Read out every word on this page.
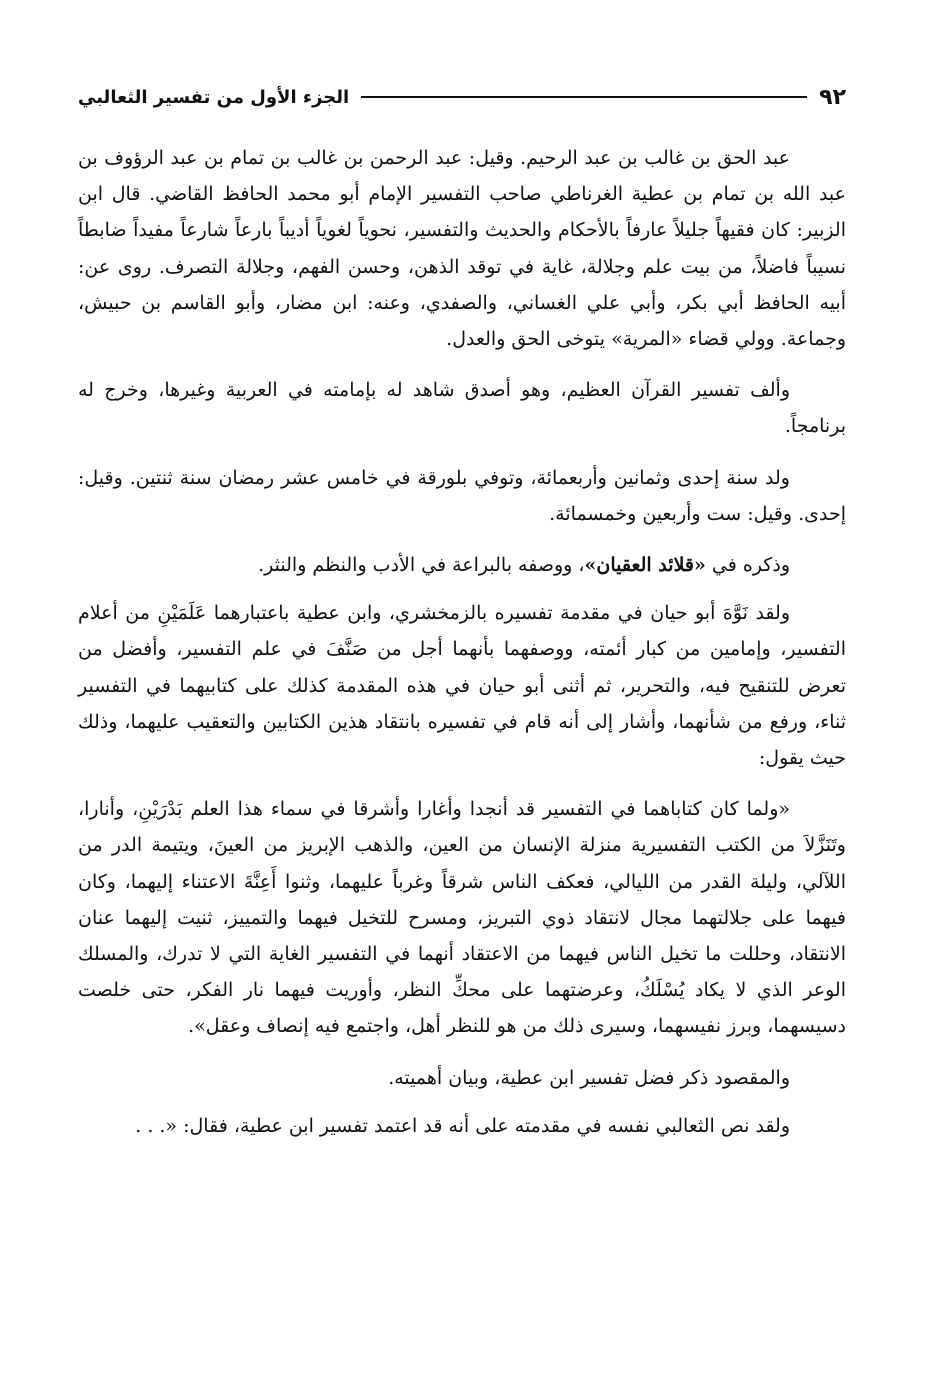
٩٢
الجزء الأول من تفسير الثعالبي

عبد الحق بن غالب بن عبد الرحيم. وقيل: عبد الرحمن بن غالب بن تمام بن عبد الرؤوف بن عبد الله بن تمام بن عطية الغرناطي صاحب التفسير الإمام أبو محمد الحافظ القاضي. قال ابن الزبير: كان فقيهاً جليلاً عارفاً بالأحكام والحديث والتفسير، نحوياً لغوياً أديباً بارعاً شارعاً مفيداً ضابطاً نسيباً فاضلاً، من بيت علم وجلالة، غاية في توقد الذهن، وحسن الفهم، وجلالة التصرف. روى عن: أبيه الحافظ أبي بكر، وأبي علي الغساني، والصفدي، وعنه: ابن مضار، وأبو القاسم بن حبيش، وجماعة. وولي قضاء «المرية» يتوخى الحق والعدل.

وألف تفسير القرآن العظيم، وهو أصدق شاهد له بإمامته في العربية وغيرها، وخرج له برنامجاً.

ولد سنة إحدى وثمانين وأربعمائة، وتوفي بلورقة في خامس عشر رمضان سنة ثنتين. وقيل: إحدى. وقيل: ست وأربعين وخمسمائة.

وذكره في «قلائد العقيان»، ووصفه بالبراعة في الأدب والنظم والنثر.

ولقد نَوَّهَ أبو حيان في مقدمة تفسيره بالزمخشري، وابن عطية باعتبارهما عَلَمَيْنِ من أعلام التفسير، وإمامين من كبار أئمته، ووصفهما بأنهما أجل من صَنَّفَ في علم التفسير، وأفضل من تعرض للتنقيح فيه، والتحرير، ثم أثنى أبو حيان في هذه المقدمة كذلك على كتابيهما في التفسير ثناء، ورفع من شأنهما، وأشار إلى أنه قام في تفسيره بانتقاد هذين الكتابين والتعقيب عليهما، وذلك حيث يقول:

«ولما كان كتاباهما في التفسير قد أنجدا وأغارا وأشرقا في سماء هذا العلم بَدْرَيْنِ، وأنارا، وتَنَزَّلاَ من الكتب التفسيرية منزلة الإنسان من العين، والذهب الإبريز من العينَ، ويتيمة الدر من اللآلي، وليلة القدر من الليالي، فعكف الناس شرقاً وغرباً عليهما، وثنوا أَعِنَّةَ الاعتناء إليهما، وكان فيهما على جلالتهما مجال لانتقاد ذوي التبريز، ومسرح للتخيل فيهما والتمييز، ثنيت إليهما عنان الانتقاد، وحللت ما تخيل الناس فيهما من الاعتقاد أنهما في التفسير الغاية التي لا تدرك، والمسلك الوعر الذي لا يكاد يُسْلَكُ، وعرضتهما على محكِّ النظر، وأوريت فيهما نار الفكر، حتى خلصت دسيسهما، وبرز نفيسهما، وسيرى ذلك من هو للنظر أهل، واجتمع فيه إنصاف وعقل».

والمقصود ذكر فضل تفسير ابن عطية، وبيان أهميته.

ولقد نص الثعالبي نفسه في مقدمته على أنه قد اعتمد تفسير ابن عطية، فقال: «. . .
